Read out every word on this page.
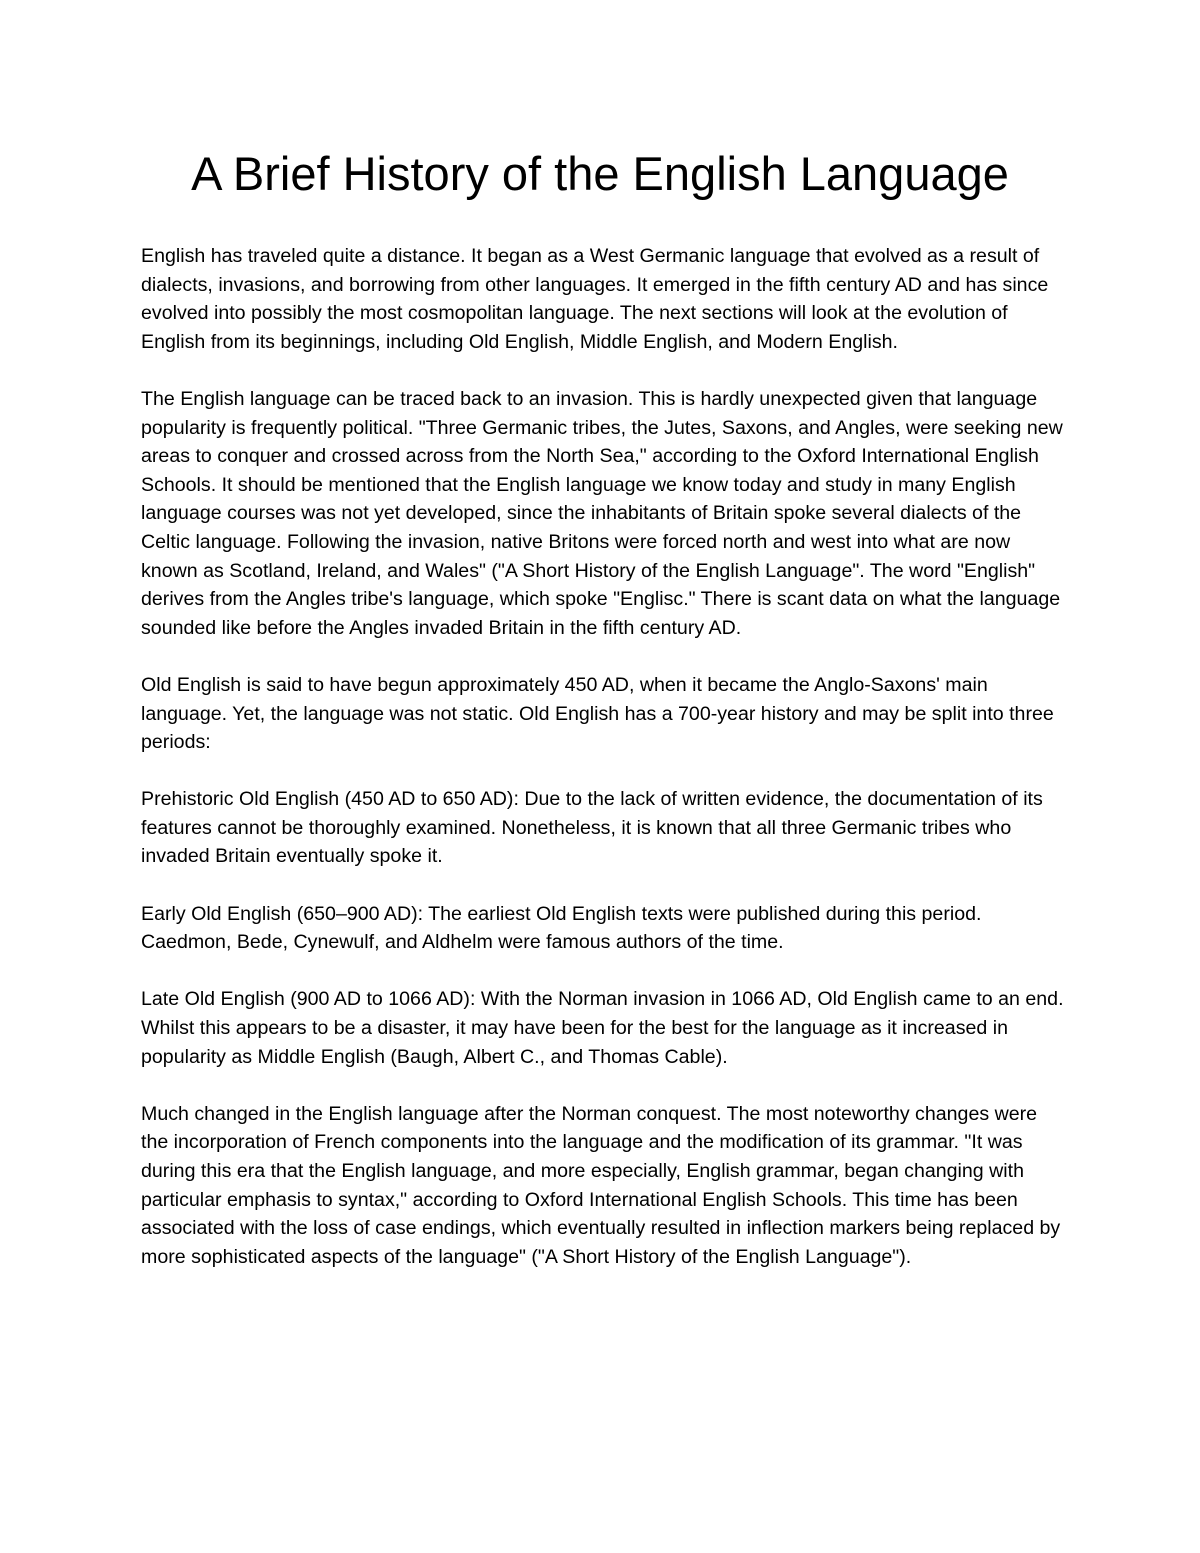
A Brief History of the English Language

English has traveled quite a distance. It began as a West Germanic language that evolved as a result of dialects, invasions, and borrowing from other languages. It emerged in the fifth century AD and has since evolved into possibly the most cosmopolitan language. The next sections will look at the evolution of English from its beginnings, including Old English, Middle English, and Modern English.

The English language can be traced back to an invasion. This is hardly unexpected given that language popularity is frequently political. "Three Germanic tribes, the Jutes, Saxons, and Angles, were seeking new areas to conquer and crossed across from the North Sea," according to the Oxford International English Schools. It should be mentioned that the English language we know today and study in many English language courses was not yet developed, since the inhabitants of Britain spoke several dialects of the Celtic language. Following the invasion, native Britons were forced north and west into what are now known as Scotland, Ireland, and Wales" ("A Short History of the English Language". The word "English" derives from the Angles tribe's language, which spoke "Englisc." There is scant data on what the language sounded like before the Angles invaded Britain in the fifth century AD.

Old English is said to have begun approximately 450 AD, when it became the Anglo-Saxons' main language. Yet, the language was not static. Old English has a 700-year history and may be split into three periods:

Prehistoric Old English (450 AD to 650 AD): Due to the lack of written evidence, the documentation of its features cannot be thoroughly examined. Nonetheless, it is known that all three Germanic tribes who invaded Britain eventually spoke it.

Early Old English (650–900 AD): The earliest Old English texts were published during this period. Caedmon, Bede, Cynewulf, and Aldhelm were famous authors of the time.

Late Old English (900 AD to 1066 AD): With the Norman invasion in 1066 AD, Old English came to an end. Whilst this appears to be a disaster, it may have been for the best for the language as it increased in popularity as Middle English (Baugh, Albert C., and Thomas Cable).

Much changed in the English language after the Norman conquest. The most noteworthy changes were the incorporation of French components into the language and the modification of its grammar. "It was during this era that the English language, and more especially, English grammar, began changing with particular emphasis to syntax," according to Oxford International English Schools. This time has been associated with the loss of case endings, which eventually resulted in inflection markers being replaced by more sophisticated aspects of the language" ("A Short History of the English Language").
